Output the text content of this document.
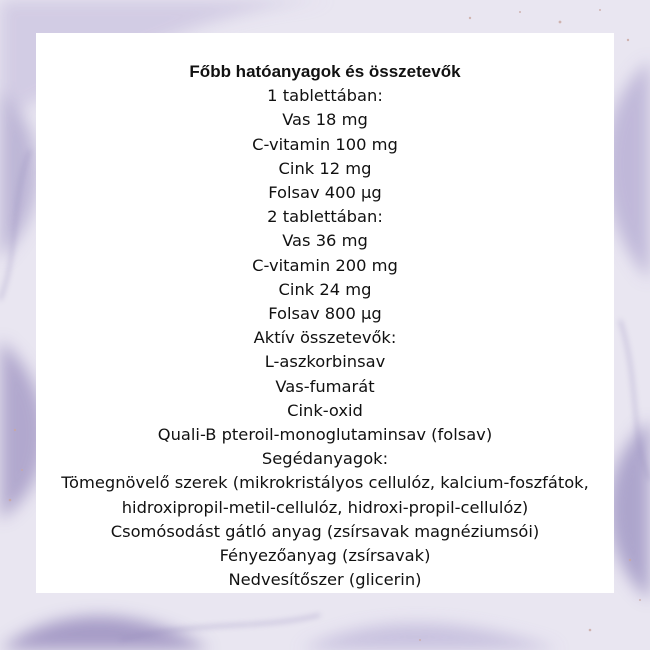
Főbb hatóanyagok és összetevők
1 tablettában:
Vas 18 mg
C-vitamin 100 mg
Cink 12 mg
Folsav 400 µg
2 tablettában:
Vas 36 mg
C-vitamin 200 mg
Cink 24 mg
Folsav 800 µg
Aktív összetevők:
L-aszkorbinsav
Vas-fumarát
Cink-oxid
Quali-B pteroil-monoglutaminsav (folsav)
Segédanyagok:
Tömegnövelő szerek (mikrokristályos cellulóz, kalcium-foszfátok,
hidroxipropil-metil-cellulóz, hidroxi-propil-cellulóz)
Csomósodást gátló anyag (zsírsavak magnéziumsói)
Fényezőanyag (zsírsavak)
Nedvesítőszer (glicerin)
